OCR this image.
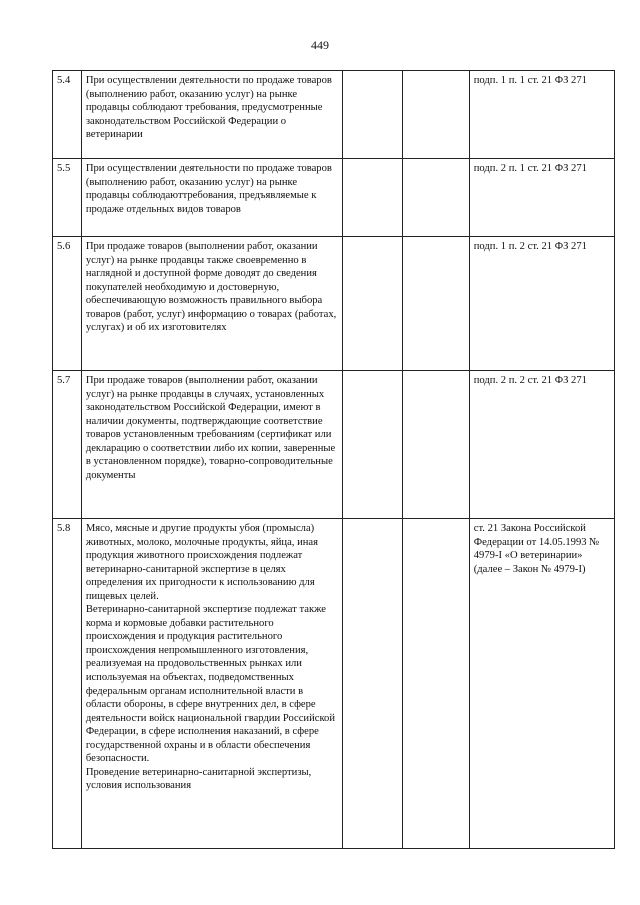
449
5.4	При осуществлении деятельности по продаже товаров (выполнению работ, оказанию услуг) на рынке продавцы соблюдают требования, предусмотренные законодательством Российской Федерации о ветеринарии			подп. 1 п. 1 ст. 21 ФЗ 271
5.5	При осуществлении деятельности по продаже товаров (выполнению работ, оказанию услуг) на рынке продавцы соблюдаюттребования, предъявляемые к продаже отдельных видов товаров			подп. 2 п. 1 ст. 21 ФЗ 271
5.6	При продаже товаров (выполнении работ, оказании услуг) на рынке продавцы также своевременно в наглядной и доступной форме доводят до сведения покупателей необходимую и достоверную, обеспечивающую возможность правильного выбора товаров (работ, услуг) информацию о товарах (работах, услугах) и об их изготовителях			подп. 1 п. 2 ст. 21 ФЗ 271
5.7	При продаже товаров (выполнении работ, оказании услуг) на рынке продавцы в случаях, установленных законодательством Российской Федерации, имеют в наличии документы, подтверждающие соответствие товаров установленным требованиям (сертификат или декларацию о соответствии либо их копии, заверенные в установленном порядке), товарно-сопроводительные документы			подп. 2 п. 2 ст. 21 ФЗ 271
5.8	Мясо, мясные и другие продукты убоя (промысла) животных, молоко, молочные продукты, яйца, иная продукция животного происхождения подлежат ветеринарно-санитарной экспертизе в целях определения их пригодности к использованию для пищевых целей.
Ветеринарно-санитарной экспертизе подлежат также корма и кормовые добавки растительного происхождения и продукция растительного происхождения непромышленного изготовления, реализуемая на продовольственных рынках или используемая на объектах, подведомственных федеральным органам исполнительной власти в области обороны, в сфере внутренних дел, в сфере деятельности войск национальной гвардии Российской Федерации, в сфере исполнения наказаний, в сфере государственной охраны и в области обеспечения безопасности.
Проведение ветеринарно-санитарной экспертизы, условия использования			ст. 21 Закона Российской Федерации от 14.05.1993 № 4979-I «О ветеринарии» (далее – Закон № 4979-I)
